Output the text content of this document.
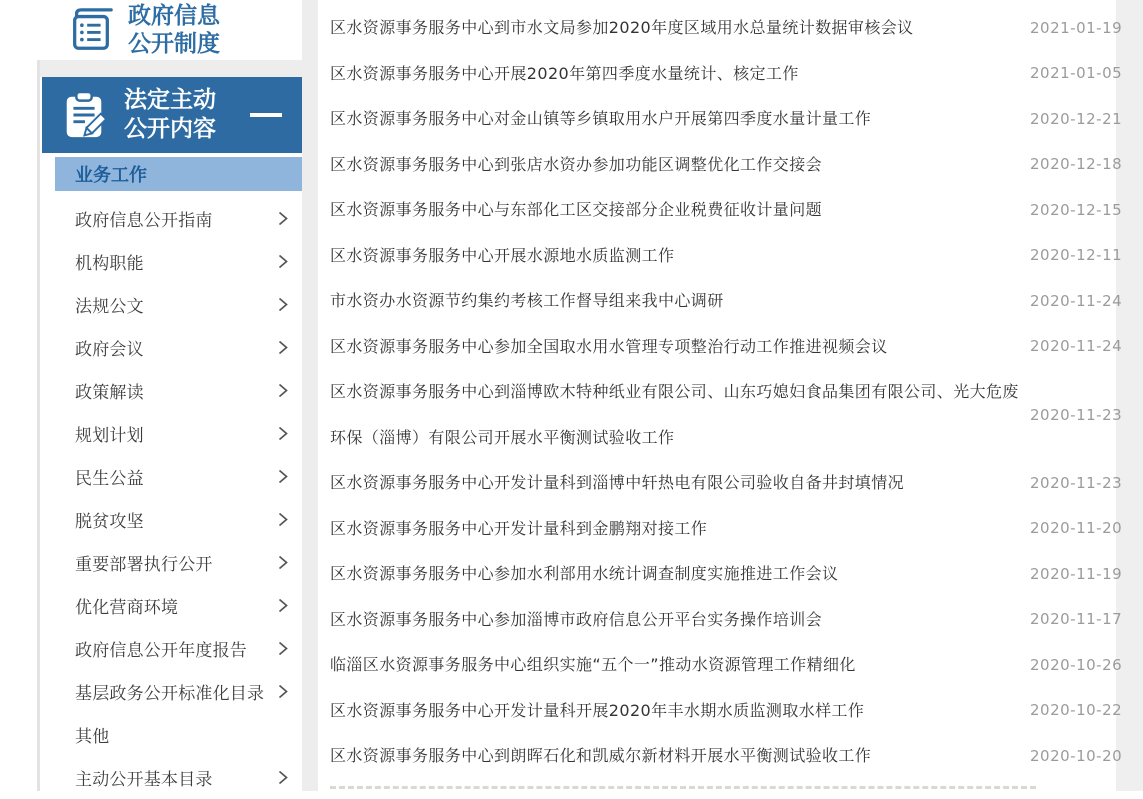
政府信息
公开制度
法定主动
公开内容
业务工作
政府信息公开指南
机构职能
法规公文
政府会议
政策解读
规划计划
民生公益
脱贫攻坚
重要部署执行公开
优化营商环境
政府信息公开年度报告
基层政务公开标准化目录
其他
主动公开基本目录
区水资源事务服务中心到市水文局参加2020年度区域用水总量统计数据审核会议	2021-01-19
区水资源事务服务中心开展2020年第四季度水量统计、核定工作	2021-01-05
区水资源事务服务中心对金山镇等乡镇取用水户开展第四季度水量计量工作	2020-12-21
区水资源事务服务中心到张店水资办参加功能区调整优化工作交接会	2020-12-18
区水资源事务服务中心与东部化工区交接部分企业税费征收计量问题	2020-12-15
区水资源事务服务中心开展水源地水质监测工作	2020-12-11
市水资办水资源节约集约考核工作督导组来我中心调研	2020-11-24
区水资源事务服务中心参加全国取水用水管理专项整治行动工作推进视频会议	2020-11-24
区水资源事务服务中心到淄博欧木特种纸业有限公司、山东巧媳妇食品集团有限公司、光大危废环保（淄博）有限公司开展水平衡测试验收工作
2020-11-23
区水资源事务服务中心开发计量科到淄博中轩热电有限公司验收自备井封填情况	2020-11-23
区水资源事务服务中心开发计量科到金鹏翔对接工作	2020-11-20
区水资源事务服务中心参加水利部用水统计调查制度实施推进工作会议	2020-11-19
区水资源事务服务中心参加淄博市政府信息公开平台实务操作培训会	2020-11-17
临淄区水资源事务服务中心组织实施“五个一”推动水资源管理工作精细化	2020-10-26
区水资源事务服务中心开发计量科开展2020年丰水期水质监测取水样工作	2020-10-22
区水资源事务服务中心到朗晖石化和凯威尔新材料开展水平衡测试验收工作	2020-10-20
